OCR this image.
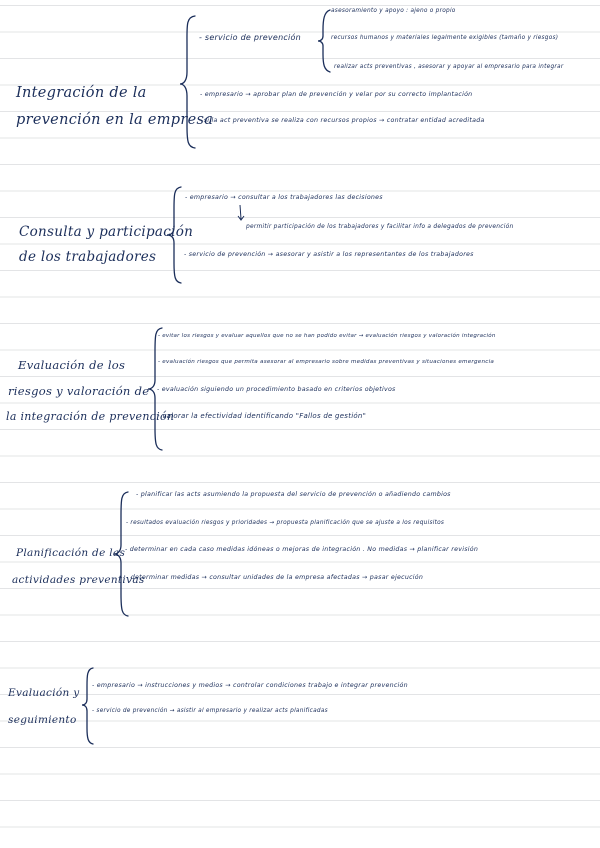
Integración de la
prevención en la empresa
- servicio de prevención
asesoramiento y apoyo : ajeno o propio
recursos humanos y materiales legalmente exigibles (tamaño y riesgos)
realizar acts preventivas , asesorar y apoyar al empresario para integrar
- empresario → aprobar plan de prevención y velar por su correcto implantación
- si la act preventiva se realiza con recursos propios → contratar entidad acreditada
Consulta y participación
de los trabajadores
- empresario → consultar a los trabajadores las decisiones
permitir participación de los trabajadores y facilitar info a delegados de prevención
- servicio de prevención → asesorar y asistir a los representantes de los trabajadores
Evaluación de los
riesgos y valoración de
la integración de prevención
- evitar los riesgos y evaluar aquellos que no se han podido evitar → evaluación riesgos y valoración integración
- evaluación riesgos que permita asesorar al empresario sobre medidas preventivas y situaciones emergencia
- evaluación siguiendo un procedimiento basado en criterios objetivos
- valorar la efectividad identificando "Fallos de gestión"
Planificación de las
actividades preventivas
- planificar las acts asumiendo la propuesta del servicio de prevención o añadiendo cambios
- resultados evaluación riesgos y prioridades → propuesta planificación que se ajuste a los requisitos
- determinar en cada caso medidas idóneas o mejoras de integración . No medidas → planificar revisión
- determinar medidas → consultar unidades de la empresa afectadas → pasar ejecución
Evaluación y
seguimiento
- empresario → instrucciones y medios → controlar condiciones trabajo e integrar prevención
- servicio de prevención → asistir al empresario y realizar acts planificadas
